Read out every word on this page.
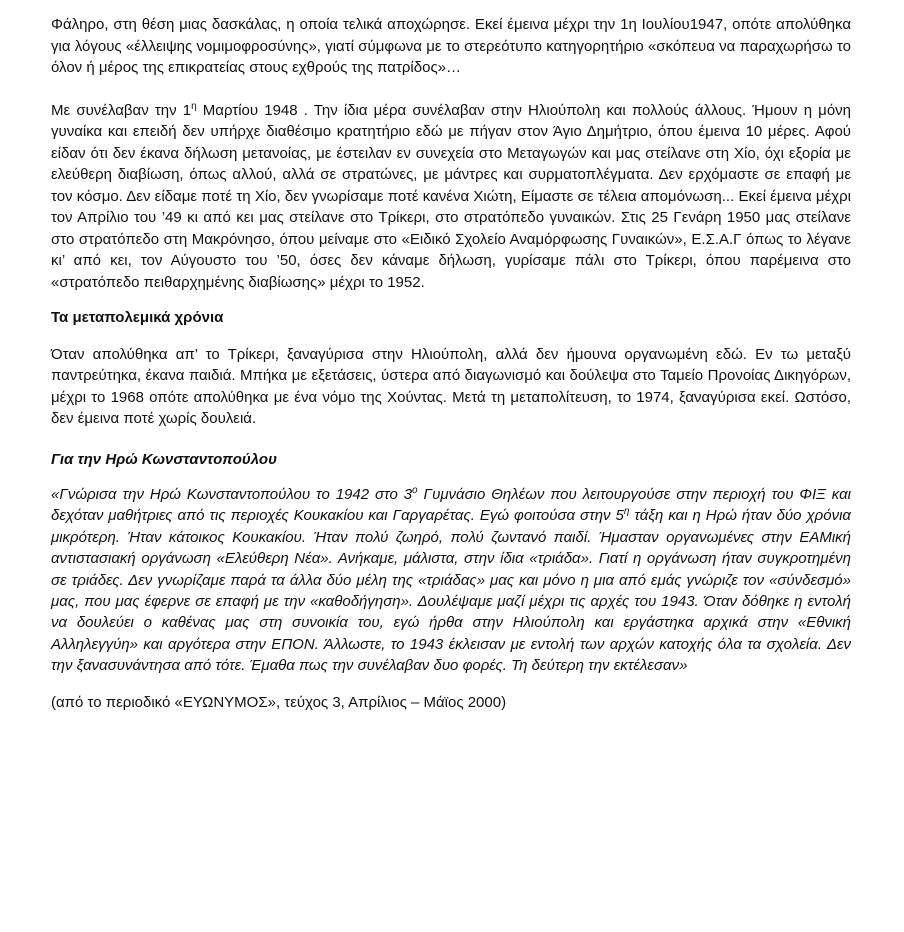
Φάληρο, στη θέση μιας δασκάλας, η οποία τελικά αποχώρησε. Εκεί έμεινα μέχρι την 1η Ιουλίου1947, οπότε απολύθηκα για λόγους «έλλειψης νομιμοφροσύνης», γιατί σύμφωνα με το στερεότυπο κατηγορητήριο «σκόπευα να παραχωρήσω το όλον ή μέρος της επικρατείας στους εχθρούς της πατρίδος»…

Με συνέλαβαν την $1^\eta$ Μαρτίου 1948 . Την ίδια μέρα συνέλαβαν στην Ηλιούπολη και πολλούς άλλους. Ήμουν η μόνη γυναίκα και επειδή δεν υπήρχε διαθέσιμο κρατητήριο εδώ με πήγαν στον Άγιο Δημήτριο, όπου έμεινα 10 μέρες. Αφού είδαν ότι δεν έκανα δήλωση μετανοίας, με έστειλαν εν συνεχεία στο Μεταγωγών και μας στείλανε στη Χίο, όχι εξορία με ελεύθερη διαβίωση, όπως αλλού, αλλά σε στρατώνες, με μάντρες και συρματοπλέγματα. Δεν ερχόμαστε σε επαφή με τον κόσμο. Δεν είδαμε ποτέ τη Χίο, δεν γνωρίσαμε ποτέ κανένα Χιώτη, Είμαστε σε τέλεια απομόνωση... Εκεί έμεινα μέχρι τον Απρίλιο του ’49 κι από κει μας στείλανε στο Τρίκερι, στο στρατόπεδο γυναικών. Στις 25 Γενάρη 1950 μας στείλανε στο στρατόπεδο στη Μακρόνησο, όπου μείναμε στο «Ειδικό Σχολείο Αναμόρφωσης Γυναικών», Ε.Σ.Α.Γ όπως το λέγανε κι’ από κει, τον Αύγουστο του ’50, όσες δεν κάναμε δήλωση, γυρίσαμε πάλι στο Τρίκερι, όπου παρέμεινα στο «στρατόπεδο πειθαρχημένης διαβίωσης» μέχρι το 1952.

Τα μεταπολεμικά χρόνια

Όταν απολύθηκα απ’ το Τρίκερι, ξαναγύρισα στην Ηλιούπολη, αλλά δεν ήμουνα οργανωμένη εδώ. Εν τω μεταξύ παντρεύτηκα, έκανα παιδιά. Μπήκα με εξετάσεις, ύστερα από διαγωνισμό και δούλεψα στο Ταμείο Προνοίας Δικηγόρων, μέχρι το 1968 οπότε απολύθηκα με ένα νόμο της Χούντας. Μετά τη μεταπολίτευση, το 1974, ξαναγύρισα εκεί. Ωστόσο, δεν έμεινα ποτέ χωρίς δουλειά.

Για την Ηρώ Κωνσταντοπούλου

«Γνώρισα την Ηρώ Κωνσταντοπούλου το 1942 στο $3^o$ Γυμνάσιο Θηλέων που λειτουργούσε στην περιοχή του ΦΙΞ και δεχόταν μαθήτριες από τις περιοχές Κουκακίου και Γαργαρέτας. Εγώ φοιτούσα στην $5^\eta$ τάξη και η Ηρώ ήταν δύο χρόνια μικρότερη. Ήταν κάτοικος Κουκακίου. Ήταν πολύ ζωηρό, πολύ ζωντανό παιδί. Ήμασταν οργανωμένες στην ΕΑΜική αντιστασιακή οργάνωση «Ελεύθερη Νέα». Ανήκαμε, μάλιστα, στην ίδια «τριάδα». Γιατί η οργάνωση ήταν συγκροτημένη σε τριάδες. Δεν γνωρίζαμε παρά τα άλλα δύο μέλη της «τριάδας» μας και μόνο η μια από εμάς γνώριζε τον «σύνδεσμό» μας, που μας έφερνε σε επαφή με την «καθοδήγηση». Δουλέψαμε μαζί μέχρι τις αρχές του 1943. Όταν δόθηκε η εντολή να δουλεύει ο καθένας μας στη συνοικία του, εγώ ήρθα στην Ηλιούπολη και εργάστηκα αρχικά στην «Εθνική Αλληλεγγύη» και αργότερα στην ΕΠΟΝ. Άλλωστε, το 1943 έκλεισαν με εντολή των αρχών κατοχής όλα τα σχολεία. Δεν την ξανασυνάντησα από τότε. Έμαθα πως την συνέλαβαν δυο φορές. Τη δεύτερη την εκτέλεσαν»

(από το περιοδικό «ΕΥΩΝΥΜΟΣ», τεύχος 3, Απρίλιος – Μάϊος 2000)
